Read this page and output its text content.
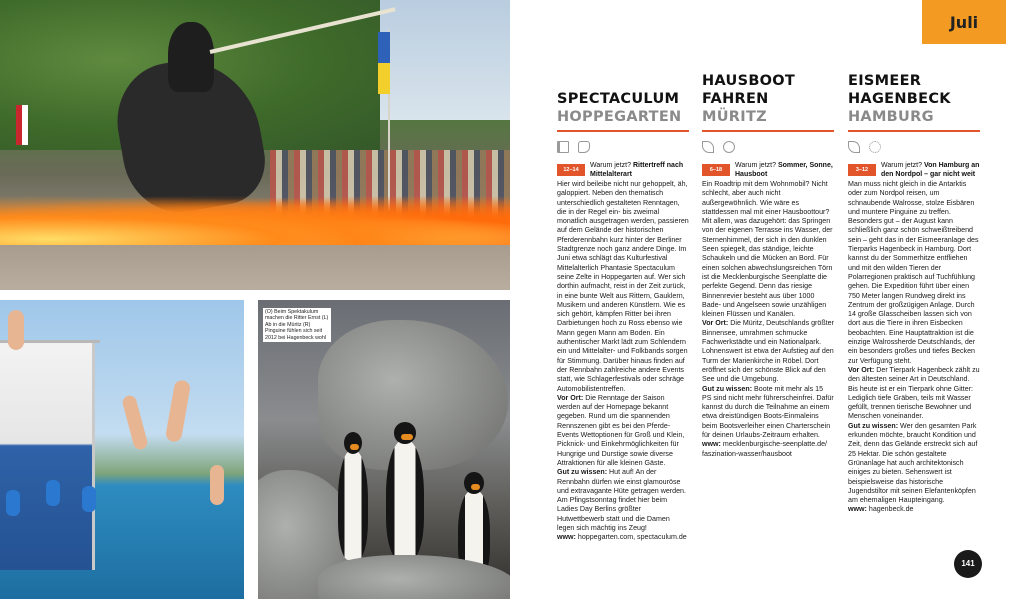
(O) Beim Spektakulum machen die Ritter Ernst (L) Ab in die Müritz (R) Pinguine fühlen sich seit 2012 bei Hagenbeck wohl
Juli
SPECTACULUM
HOPPEGARTEN

12–14
Warum jetzt? Rittertreff nach Mittelalterart

Hier wird beileibe nicht nur gehoppelt, äh, galoppiert. Neben den thematisch unterschiedlich gestalteten Renntagen, die in der Regel ein- bis zweimal monatlich ausgetragen werden, passieren auf dem Gelände der historischen Pferderennbahn kurz hinter der Berliner Stadtgrenze noch ganz andere Dinge. Im Juni etwa schlägt das Kulturfestival Mittelalterlich Phantasie Spectaculum seine Zelte in Hoppegarten auf. Wer sich dorthin aufmacht, reist in der Zeit zurück, in eine bunte Welt aus Rittern, Gauklern, Musikern und anderen Künstlern. Wie es sich gehört, kämpfen Ritter bei ihren Darbietungen hoch zu Ross ebenso wie Mann gegen Mann am Boden. Ein authentischer Markt lädt zum Schlendern ein und Mittelalter- und Folkbands sorgen für Stimmung. Darüber hinaus finden auf der Rennbahn zahlreiche andere Events statt, wie Schlagerfestivals oder schräge Automobilistentreffen.

Vor Ort: Die Renntage der Saison werden auf der Homepage bekannt gegeben. Rund um die spannenden Rennszenen gibt es bei den Pferde-Events Wettoptionen für Groß und Klein, Picknick- und Einkehrmöglichkeiten für Hungrige und Durstige sowie diverse Attraktionen für alle kleinen Gäste.

Gut zu wissen: Hut auf! An der Rennbahn dürfen wie einst glamouröse und extravagante Hüte getragen werden. Am Pfingstsonntag findet hier beim Ladies Day Berlins größter Hutwettbewerb statt und die Damen legen sich mächtig ins Zeug!

www: hoppegarten.com, spectaculum.de

HAUSBOOT
FAHREN
MÜRITZ

6–18
Warum jetzt? Sommer, Sonne, Hausboot

Ein Roadtrip mit dem Wohnmobil? Nicht schlecht, aber auch nicht außergewöhnlich. Wie wäre es stattdessen mal mit einer Hausboottour? Mit allem, was dazugehört: das Springen von der eigenen Terrasse ins Wasser, der Sternenhimmel, der sich in den dunklen Seen spiegelt, das ständige, leichte Schaukeln und die Mücken an Bord. Für einen solchen abwechslungsreichen Törn ist die Mecklenburgische Seenplatte die perfekte Gegend. Denn das riesige Binnenrevier besteht aus über 1000 Bade- und Angelseen sowie unzähligen kleinen Flüssen und Kanälen.

Vor Ort: Die Müritz, Deutschlands größter Binnensee, umrahmen schmucke Fachwerkstädte und ein Nationalpark. Lohnenswert ist etwa der Aufstieg auf den Turm der Marienkirche in Röbel. Dort eröffnet sich der schönste Blick auf den See und die Umgebung.

Gut zu wissen: Boote mit mehr als 15 PS sind nicht mehr führerscheinfrei. Dafür kannst du durch die Teilnahme an einem etwa dreistündigen Boots-Einmaleins beim Bootsverleiher einen Charterschein für deinen Urlaubs-Zeitraum erhalten.

www: mecklenburgische-seenplatte.de/ faszination-wasser/hausboot

EISMEER
HAGENBECK
HAMBURG

3–12
Warum jetzt? Von Hamburg an den Nordpol – gar nicht weit

Man muss nicht gleich in die Antarktis oder zum Nordpol reisen, um schnaubende Walrosse, stolze Eisbären und muntere Pinguine zu treffen. Besonders gut – der August kann schließlich ganz schön schweißtreibend sein – geht das in der Eismeeranlage des Tierparks Hagenbeck in Hamburg. Dort kannst du der Sommerhitze entfliehen und mit den wilden Tieren der Polarregionen praktisch auf Tuchfühlung gehen. Die Expedition führt über einen 750 Meter langen Rundweg direkt ins Zentrum der großzügigen Anlage. Durch 14 große Glasscheiben lassen sich von dort aus die Tiere in ihren Eisbecken beobachten. Eine Hauptattraktion ist die einzige Walrossherde Deutschlands, der ein besonders großes und tiefes Becken zur Verfügung steht.

Vor Ort: Der Tierpark Hagenbeck zählt zu den ältesten seiner Art in Deutschland. Bis heute ist er ein Tierpark ohne Gitter: Lediglich tiefe Gräben, teils mit Wasser gefüllt, trennen tierische Bewohner und Menschen voneinander.

Gut zu wissen: Wer den gesamten Park erkunden möchte, braucht Kondition und Zeit, denn das Gelände erstreckt sich auf 25 Hektar. Die schön gestaltete Grünanlage hat auch architektonisch einiges zu bieten. Sehenswert ist beispielsweise das historische Jugendstiltor mit seinen Elefantenköpfen am ehemaligen Haupteingang.

www: hagenbeck.de

141
